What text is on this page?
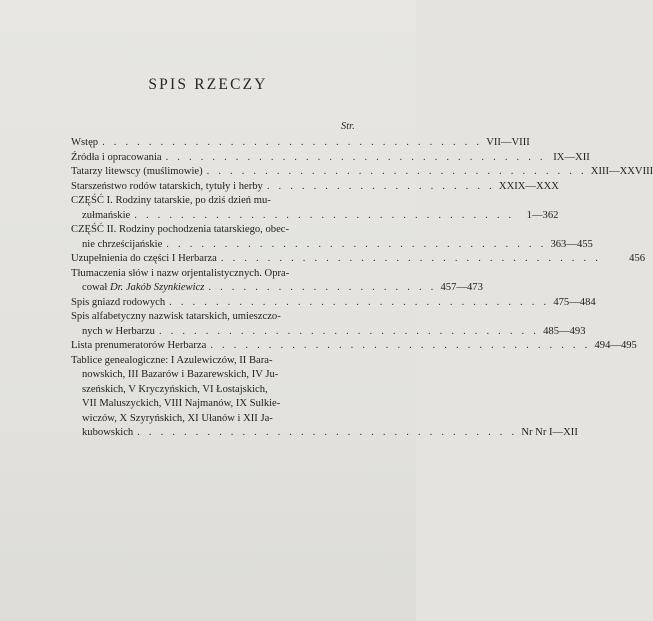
SPIS RZECZY
Str.
Wstęp . . . . . . . . . . . . . . . . . . . . . . . . . . . . . . . . . VII—VIII
Źródła i opracowania . . . . . . . . . . . . . . . . . . . . . . . . . . . . . . . . . IX—XII
Tatarzy litewscy (muślimowie) . . . . . . . . . . . . . . . . . . . . . . . . . . . . . . . . . XIII—XXVIII
Starszeństwo rodów tatarskich, tytuły i herby . . . . . . . . . . . . . . . . . . . . XXIX—XXX
CZĘŚĆ I. Rodziny tatarskie, po dziś dzień mu-
zułmańskie . . . . . . . . . . . . . . . . . . . . . . . . . . . . . . . . .	1—362
CZĘŚĆ II. Rodziny pochodzenia tatarskiego, obec-
nie chrześcijańskie . . . . . . . . . . . . . . . . . . . . . . . . . . . . . . . . . 363—455
Uzupełnienia do części I Herbarza . . . . . . . . . . . . . . . . . . . . . . . . . . . . . . . . .	456
Tłumaczenia słów i nazw orjentalistycznych. Opra-
cował
Dr. Jakób Szynkiewicz . . . . . . . . . . . . . . . . . . . . 457—473
Spis gniazd rodowych . . . . . . . . . . . . . . . . . . . . . . . . . . . . . . . . . 475—484
Spis alfabetyczny nazwisk tatarskich, umieszczo-
nych w Herbarzu . . . . . . . . . . . . . . . . . . . . . . . . . . . . . . . . . 485—493
Lista prenumeratorów Herbarza . . . . . . . . . . . . . . . . . . . . . . . . . . . . . . . . . 494—495
Tablice genealogiczne: I Azulewiczów, II Bara-
nowskich, III Bazarów i Bazarewskich, IV Ju-
szeńskich, V Kryczyńskich, VI Łostajskich,
VII Maluszyckich, VIII Najmanów, IX Sulkie-
wiczów, X Szyryńskich, XI Ułanów i XII Ja-
kubowskich . . . . . . . . . . . . . . . . . . . . . . . . . . . . . . . . . Nr Nr I—XII
